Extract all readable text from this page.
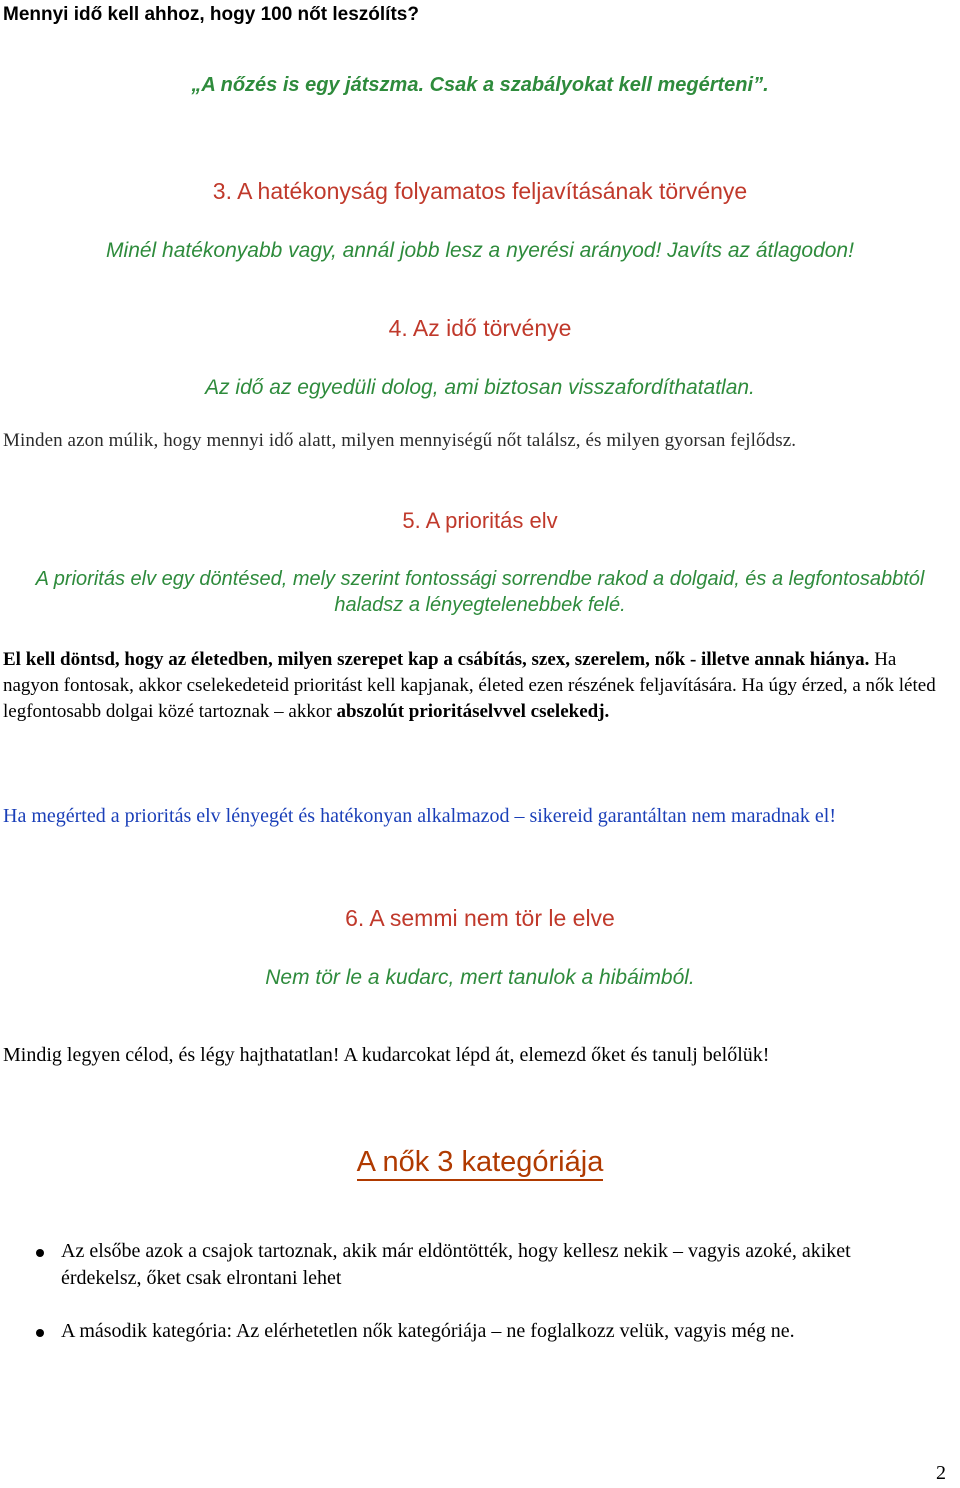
Mennyi idő kell ahhoz, hogy 100 nőt leszólíts?

„A nőzés is egy játszma. Csak a szabályokat kell megérteni”.

3. A hatékonyság folyamatos feljavításának törvénye

Minél hatékonyabb vagy, annál jobb lesz a nyerési arányod! Javíts az átlagodon!

4. Az idő törvénye

Az idő az egyedüli dolog, ami biztosan visszafordíthatatlan.

Minden azon múlik, hogy mennyi idő alatt, milyen mennyiségű nőt találsz, és milyen gyorsan fejlődsz.

5. A prioritás elv

A prioritás elv egy döntésed, mely szerint fontossági sorrendbe rakod a dolgaid, és a legfontosabbtól haladsz a lényegtelenebbek felé.

El kell döntsd, hogy az életedben, milyen szerepet kap a csábítás, szex, szerelem, nők - illetve annak hiánya. Ha nagyon fontosak, akkor cselekedeteid prioritást kell kapjanak, életed ezen részének feljavítására. Ha úgy érzed, a nők léted legfontosabb dolgai közé tartoznak – akkor abszolút prioritáselvvel cselekedj.

Ha megérted a prioritás elv lényegét és hatékonyan alkalmazod – sikereid garantáltan nem maradnak el!

6. A semmi nem tör le elve

Nem tör le a kudarc, mert tanulok a hibáimból.

Mindig legyen célod, és légy hajthatatlan! A kudarcokat lépd át, elemezd őket és tanulj belőlük!

A nők 3 kategóriája

Az elsőbe azok a csajok tartoznak, akik már eldöntötték, hogy kellesz nekik – vagyis azoké, akiket érdekelsz, őket csak elrontani lehet
A második kategória: Az elérhetetlen nők kategóriája – ne foglalkozz velük, vagyis még ne.

2
